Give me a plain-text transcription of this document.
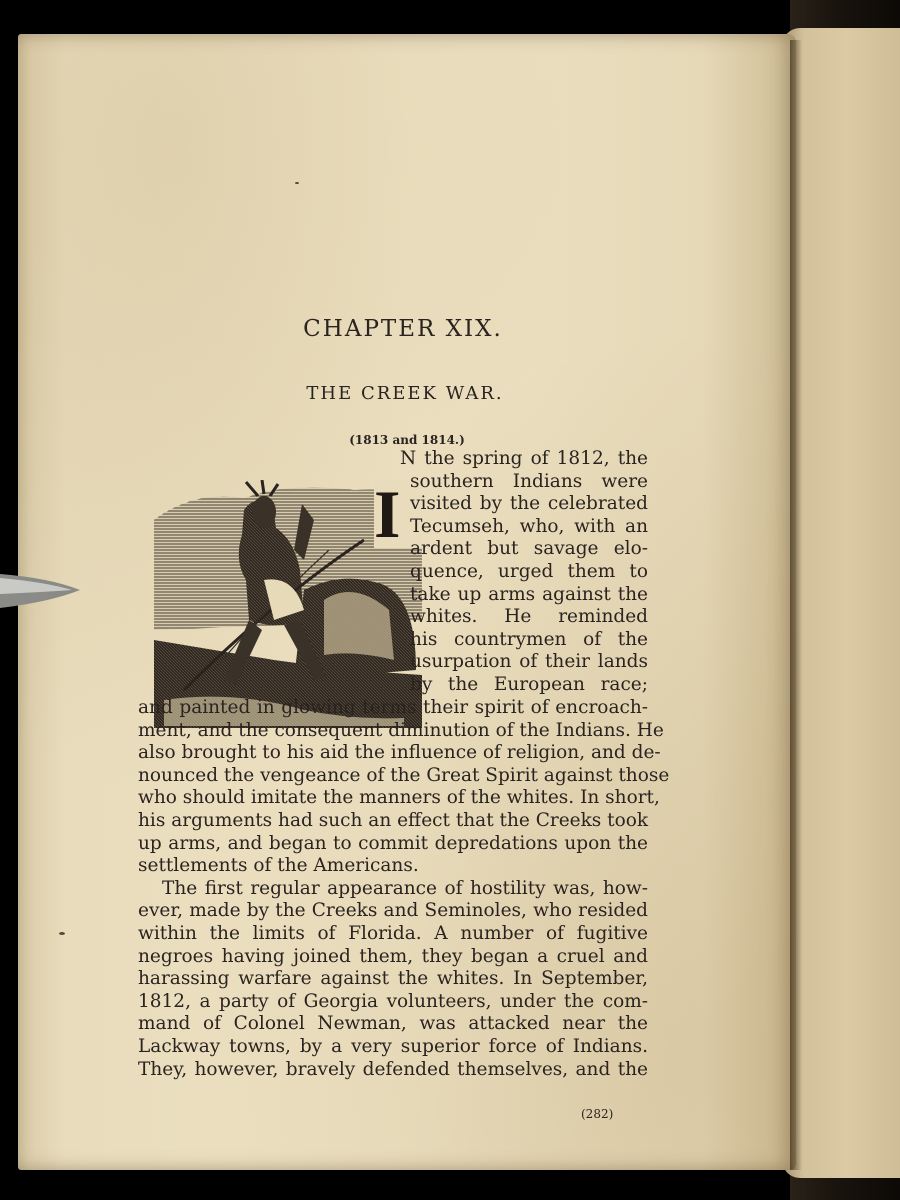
CHAPTER XIX.
THE CREEK WAR.
(1813 and 1814.)
I
N the spring of 1812, the
southern Indians were
visited by the celebrated
Tecumseh, who, with an
ardent but savage elo-
quence, urged them to
take up arms against the
whites. He reminded
his countrymen of the
usurpation of their lands
by the European race;
and painted in glowing terms their spirit of encroach-
ment, and the consequent diminution of the Indians. He
also brought to his aid the influence of religion, and de-
nounced the vengeance of the Great Spirit against those
who should imitate the manners of the whites. In short,
his arguments had such an effect that the Creeks took
up arms, and began to commit depredations upon the
settlements of the Americans.
The first regular appearance of hostility was, how-
ever, made by the Creeks and Seminoles, who resided
within the limits of Florida. A number of fugitive
negroes having joined them, they began a cruel and
harassing warfare against the whites. In September,
1812, a party of Georgia volunteers, under the com-
mand of Colonel Newman, was attacked near the
Lackway towns, by a very superior force of Indians.
They, however, bravely defended themselves, and the
(282)
